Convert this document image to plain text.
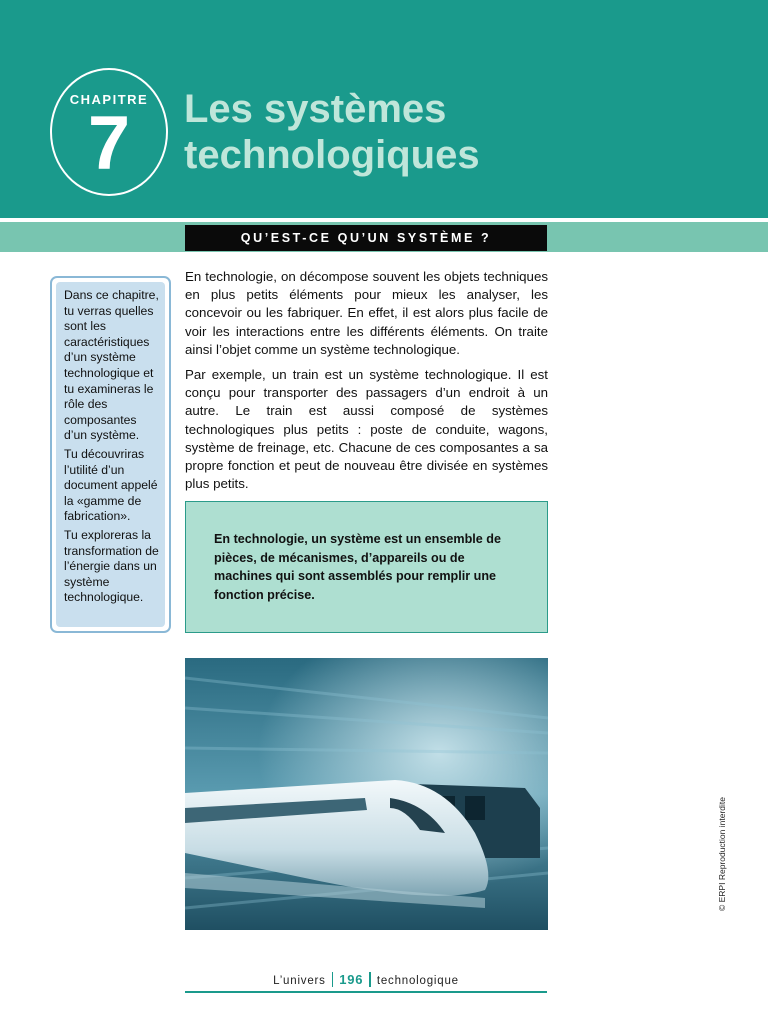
CHAPITRE
7	Les systèmes
technologiques
QU’EST-CE QU’UN SYSTÈME ?

Dans ce chapitre, tu verras quelles sont les caractéristiques d’un système technologique et tu examineras le rôle des composantes d’un système.

Tu découvriras l’utilité d’un document appelé la «gamme de fabrication».

Tu exploreras la transformation de l’énergie dans un système technologique.

En technologie, on décompose souvent les objets techniques en plus petits éléments pour mieux les analyser, les concevoir ou les fabriquer. En effet, il est alors plus facile de voir les interactions entre les différents éléments. On traite ainsi l’objet comme un système technologique.

Par exemple, un train est un système technologique. Il est conçu pour transporter des passagers d’un endroit à un autre. Le train est aussi composé de systèmes technologiques plus petits : poste de conduite, wagons, système de freinage, etc. Chacune de ces composantes a sa propre fonction et peut de nouveau être divisée en systèmes plus petits.

En technologie, un système est un ensemble de pièces, de mécanismes, d’appareils ou de machines qui sont assemblés pour remplir une fonction précise.

© ERPI Reproduction interdite
L’univers 196 technologique
